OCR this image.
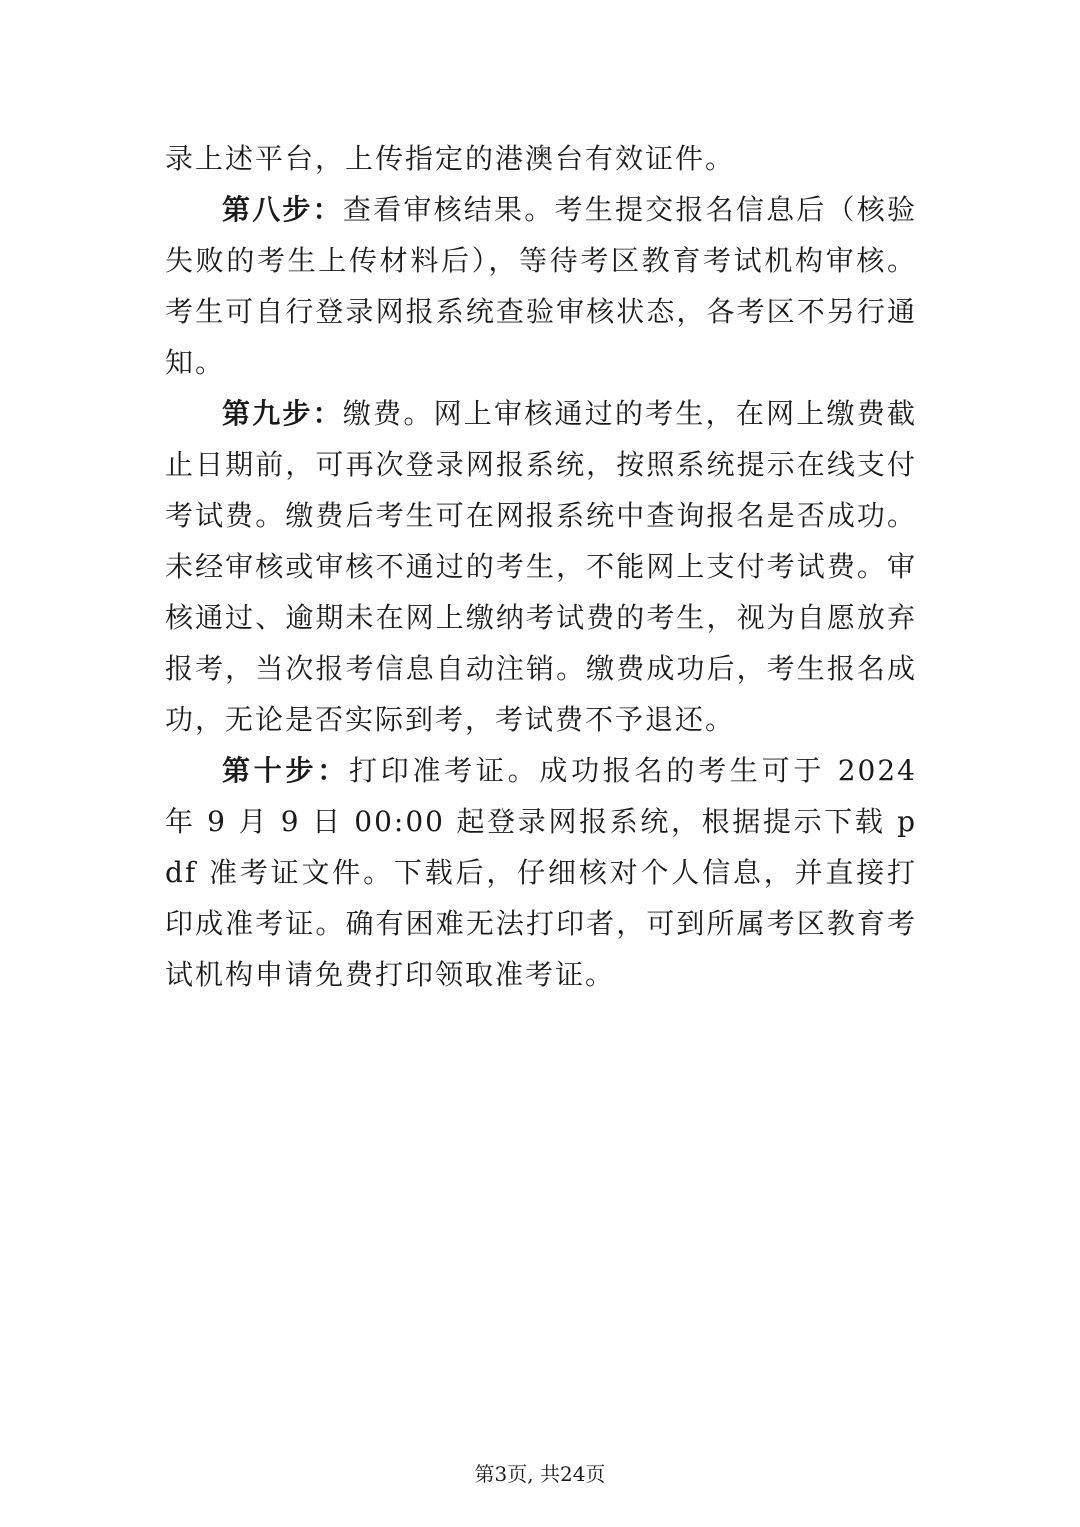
录上述平台，上传指定的港澳台有效证件。

第八步：查看审核结果。考生提交报名信息后（核验失败的考生上传材料后），等待考区教育考试机构审核。考生可自行登录网报系统查验审核状态，各考区不另行通知。

第九步：缴费。网上审核通过的考生，在网上缴费截止日期前，可再次登录网报系统，按照系统提示在线支付考试费。缴费后考生可在网报系统中查询报名是否成功。未经审核或审核不通过的考生，不能网上支付考试费。审核通过、逾期未在网上缴纳考试费的考生，视为自愿放弃报考，当次报考信息自动注销。缴费成功后，考生报名成功，无论是否实际到考，考试费不予退还。

第十步：打印准考证。成功报名的考生可于 2024 年 9 月 9 日 00:00 起登录网报系统，根据提示下载 pdf 准考证文件。下载后，仔细核对个人信息，并直接打印成准考证。确有困难无法打印者，可到所属考区教育考试机构申请免费打印领取准考证。

第3页, 共24页
